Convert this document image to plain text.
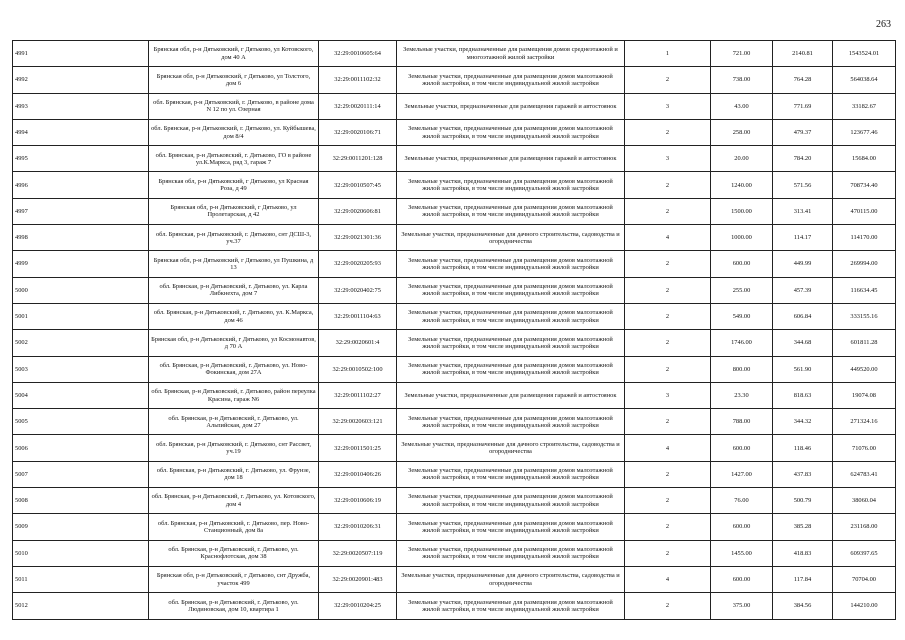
263
4991	Брянская обл, р-н Дятьковский, г Дятьково, ул Котовского, дом 40 А	32:29:0010605:64	Земельные участки, предназначенные для размещения домов среднеэтажной и многоэтажной жилой застройки	1	721.00	2140.81	1543524.01
4992	Брянская обл, р-н Дятьковский, г Дятьково, ул Толстого, дом 6	32:29:0011102:32	Земельные участки, предназначенные для размещения домов малоэтажной жилой застройки, в том числе индивидуальной жилой застройки	2	738.00	764.28	564038.64
4993	обл. Брянская, р-н Дятьковский, г. Дятьково, в районе дома N 12 по ул. Озерная	32:29:0020111:14	Земельные участки, предназначенные для размещения гаражей и автостоянок	3	43.00	771.69	33182.67
4994	обл. Брянская, р-н Дятьковский, г. Дятьково, ул. Куйбышева, дом 8/4	32:29:0020106:71	Земельные участки, предназначенные для размещения домов малоэтажной жилой застройки, в том числе индивидуальной жилой застройки	2	258.00	479.37	123677.46
4995	обл. Брянская, р-н Дятьковский, г. Дятьково, ГО в районе ул.К.Маркса, ряд 3, гараж 7	32:29:0011201:128	Земельные участки, предназначенные для размещения гаражей и автостоянок	3	20.00	784.20	15684.00
4996	Брянская обл, р-н Дятьковский, г Дятьково, ул Красная Роза, д 49	32:29:0010507:45	Земельные участки, предназначенные для размещения домов малоэтажной жилой застройки, в том числе индивидуальной жилой застройки	2	1240.00	571.56	708734.40
4997	Брянская обл, р-н Дятьковский, г Дятьково, ул Пролетарская, д 42	32:29:0020606:81	Земельные участки, предназначенные для размещения домов малоэтажной жилой застройки, в том числе индивидуальной жилой застройки	2	1500.00	313.41	470115.00
4998	обл. Брянская, р-н Дятьковский, г. Дятьково, снт ДСШ-3, уч.37	32:29:0021301:36	Земельные участки, предназначенные для дачного строительства, садоводства и огородничества	4	1000.00	114.17	114170.00
4999	Брянская обл, р-н Дятьковский, г Дятьково, ул Пушкина, д 13	32:29:0020205:93	Земельные участки, предназначенные для размещения домов малоэтажной жилой застройки, в том числе индивидуальной жилой застройки	2	600.00	449.99	269994.00
5000	обл. Брянская, р-н Дятьковский, г. Дятьково, ул. Карла Либкнехта, дом 7	32:29:0020402:75	Земельные участки, предназначенные для размещения домов малоэтажной жилой застройки, в том числе индивидуальной жилой застройки	2	255.00	457.39	116634.45
5001	обл. Брянская, р-н Дятьковский, г. Дятьково, ул. К.Маркса, дом 46	32:29:0011104:63	Земельные участки, предназначенные для размещения домов малоэтажной жилой застройки, в том числе индивидуальной жилой застройки	2	549.00	606.84	333155.16
5002	Брянская обл, р-н Дятьковский, г Дятьково, ул Космонавтов, д 70 А	32:29:0020601:4	Земельные участки, предназначенные для размещения домов малоэтажной жилой застройки, в том числе индивидуальной жилой застройки	2	1746.00	344.68	601811.28
5003	обл. Брянская, р-н Дятьковский, г. Дятьково, ул. Ново-Фокинская, дом 27А	32:29:0010502:100	Земельные участки, предназначенные для размещения домов малоэтажной жилой застройки, в том числе индивидуальной жилой застройки	2	800.00	561.90	449520.00
5004	обл. Брянская, р-н Дятьковский, г. Дятьково, район переулка Красина, гараж N6	32:29:0011102:27	Земельные участки, предназначенные для размещения гаражей и автостоянок	3	23.30	818.63	19074.08
5005	обл. Брянская, р-н Дятьковский, г. Дятьково, ул. Альпийская, дом 27	32:29:0020603:121	Земельные участки, предназначенные для размещения домов малоэтажной жилой застройки, в том числе индивидуальной жилой застройки	2	788.00	344.32	271324.16
5006	обл. Брянская, р-н Дятьковский, г. Дятьково, снт Рассвет, уч.19	32:29:0011501:25	Земельные участки, предназначенные для дачного строительства, садоводства и огородничества	4	600.00	118.46	71076.00
5007	обл. Брянская, р-н Дятьковский, г. Дятьково, ул. Фрунзе, дом 18	32:29:0010406:26	Земельные участки, предназначенные для размещения домов малоэтажной жилой застройки, в том числе индивидуальной жилой застройки	2	1427.00	437.83	624783.41
5008	обл. Брянская, р-н Дятьковский, г. Дятьково, ул. Котовского, дом 4	32:29:0010606:19	Земельные участки, предназначенные для размещения домов малоэтажной жилой застройки, в том числе индивидуальной жилой застройки	2	76.00	500.79	38060.04
5009	обл. Брянская, р-н Дятьковский, г. Дятьково, пер. Ново-Станционный, дом 8а	32:29:0010206:31	Земельные участки, предназначенные для размещения домов малоэтажной жилой застройки, в том числе индивидуальной жилой застройки	2	600.00	385.28	231168.00
5010	обл. Брянская, р-н Дятьковский, г. Дятьково, ул. Краснофлотская, дом 38	32:29:0020507:119	Земельные участки, предназначенные для размещения домов малоэтажной жилой застройки, в том числе индивидуальной жилой застройки	2	1455.00	418.83	609397.65
5011	Брянская обл, р-н Дятьковский, г Дятьково, снт Дружба, участок 499	32:29:0020901:483	Земельные участки, предназначенные для дачного строительства, садоводства и огородничества	4	600.00	117.84	70704.00
5012	обл. Брянская, р-н Дятьковский, г. Дятьково, ул. Людиновская, дом 10, квартира 1	32:29:0010204:25	Земельные участки, предназначенные для размещения домов малоэтажной жилой застройки, в том числе индивидуальной жилой застройки	2	375.00	384.56	144210.00
